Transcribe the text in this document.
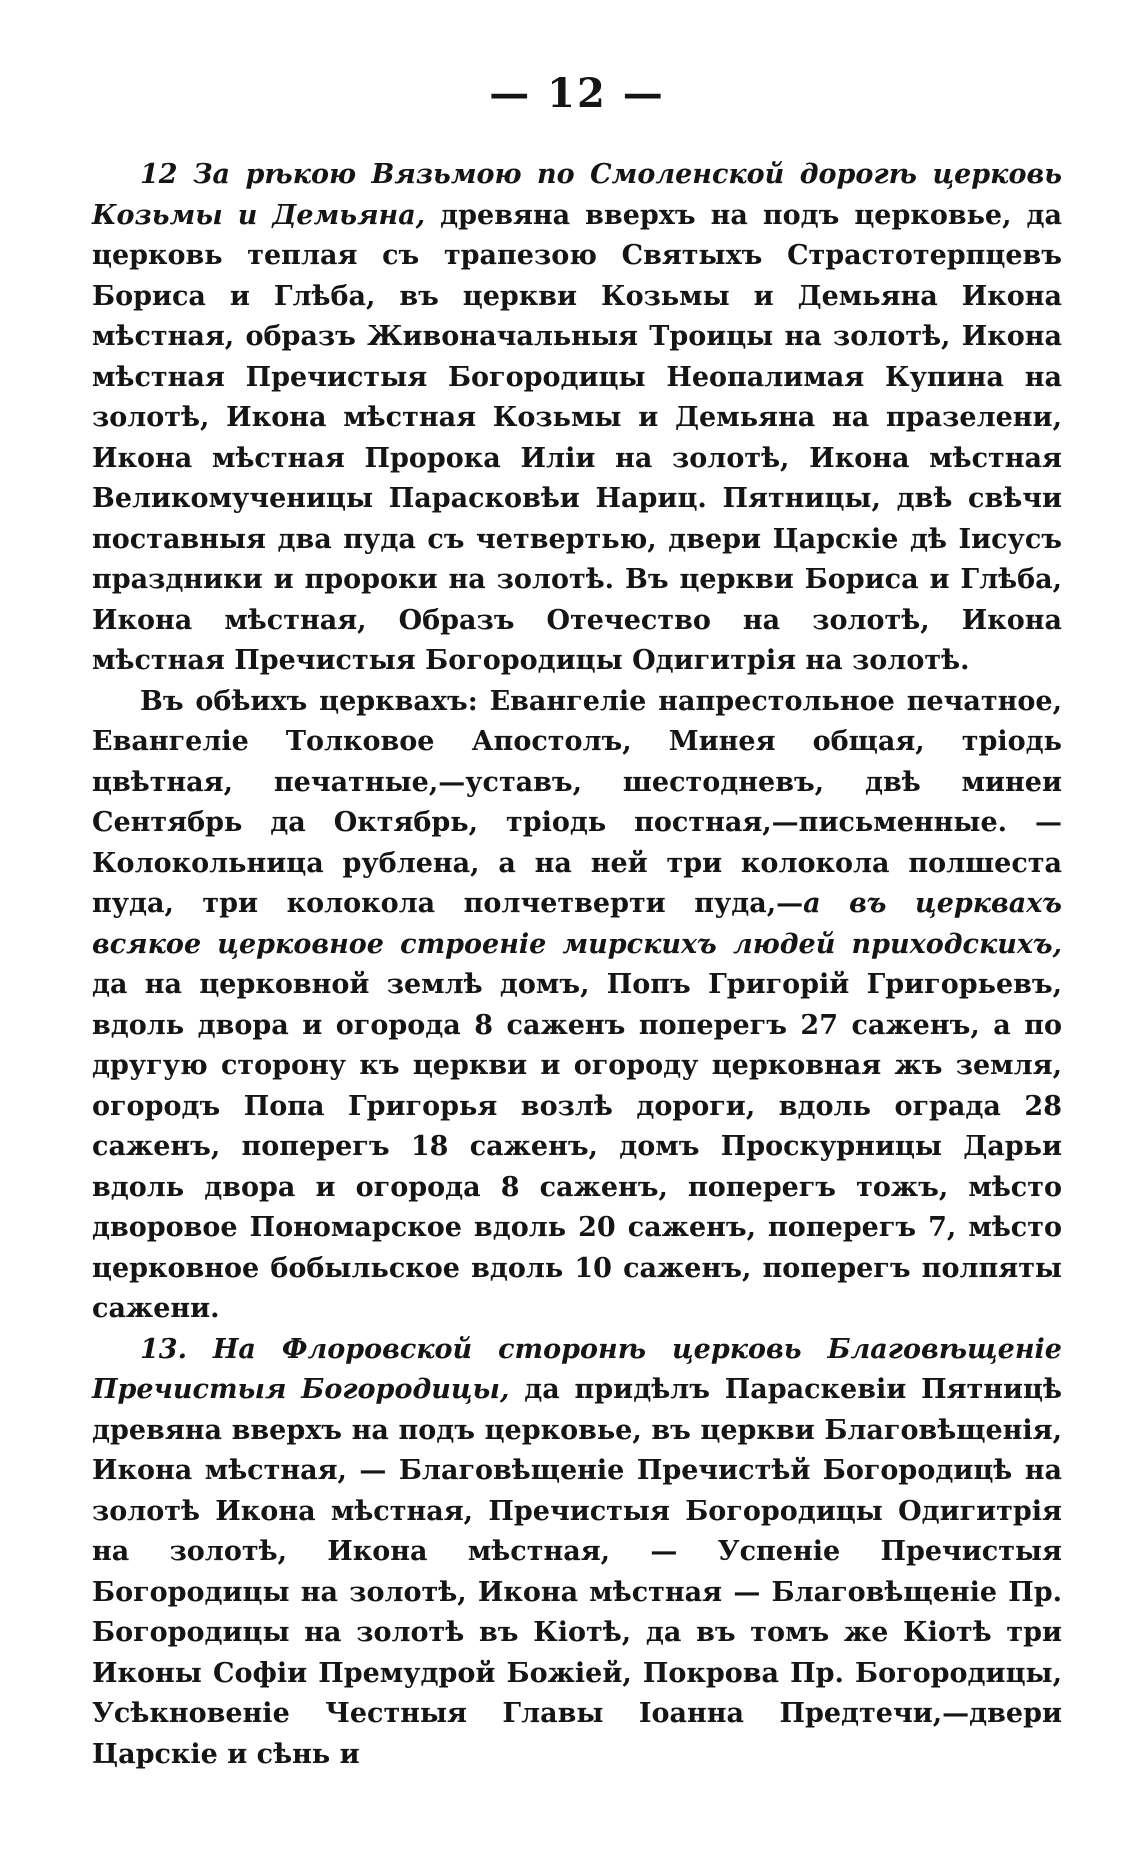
— 12 —

12 За рѣкою Вязьмою по Смоленской дорогѣ церковь Козьмы и Демьяна, древяна вверхъ на подъ церковье, да церковь теплая съ трапезою Святыхъ Страстотерпцевъ Бориса и Глѣба, въ церкви Козьмы и Демьяна Икона мѣстная, образъ Живоначальныя Троицы на золотѣ, Икона мѣстная Пречистыя Богородицы Неопалимая Купина на золотѣ, Икона мѣстная Козьмы и Демьяна на празелени, Икона мѣстная Пророка Иліи на золотѣ, Икона мѣстная Великомученицы Парасковѣи Нариц. Пятницы, двѣ свѣчи поставныя два пуда съ четвертью, двери Царскіе дѣ Іисусъ праздники и пророки на золотѣ. Въ церкви Бориса и Глѣба, Икона мѣстная, Образъ Отечество на золотѣ, Икона мѣстная Пречистыя Богородицы Одигитрія на золотѣ.

Въ обѣихъ церквахъ: Евангеліе напрестольное печатное, Евангеліе Толковое Апостолъ, Минея общая, тріодь цвѣтная, печатные,—уставъ, шестодневъ, двѣ минеи Сентябрь да Октябрь, тріодь постная,—письменные. — Колокольница рублена, а на ней три колокола полшеста пуда, три колокола полчетверти пуда,—а въ церквахъ всякое церковное строеніе мирскихъ людей приходскихъ, да на церковной землѣ домъ, Попъ Григорій Григорьевъ, вдоль двора и огорода 8 саженъ поперегъ 27 саженъ, а по другую сторону къ церкви и огороду церковная жъ земля, огородъ Попа Григорья возлѣ дороги, вдоль ограда 28 саженъ, поперегъ 18 саженъ, домъ Проскурницы Дарьи вдоль двора и огорода 8 саженъ, поперегъ тожъ, мѣсто дворовое Пономарское вдоль 20 саженъ, поперегъ 7, мѣсто церковное бобыльское вдоль 10 саженъ, поперегъ полпяты сажени.

13. На Флоровской сторонѣ церковь Благовѣщеніе Пречистыя Богородицы, да придѣлъ Параскевіи Пятницѣ древяна вверхъ на подъ церковье, въ церкви Благовѣщенія, Икона мѣстная, — Благовѣщеніе Пречистѣй Богородицѣ на золотѣ Икона мѣстная, Пречистыя Богородицы Одигитрія на золотѣ, Икона мѣстная, — Успеніе Пречистыя Богородицы на золотѣ, Икона мѣстная — Благовѣщеніе Пр. Богородицы на золотѣ въ Кіотѣ, да въ томъ же Кіотѣ три Иконы Софіи Премудрой Божіей, Покрова Пр. Богородицы, Усѣкновеніе Честныя Главы Іоанна Предтечи,—двери Царскіе и сѣнь и
